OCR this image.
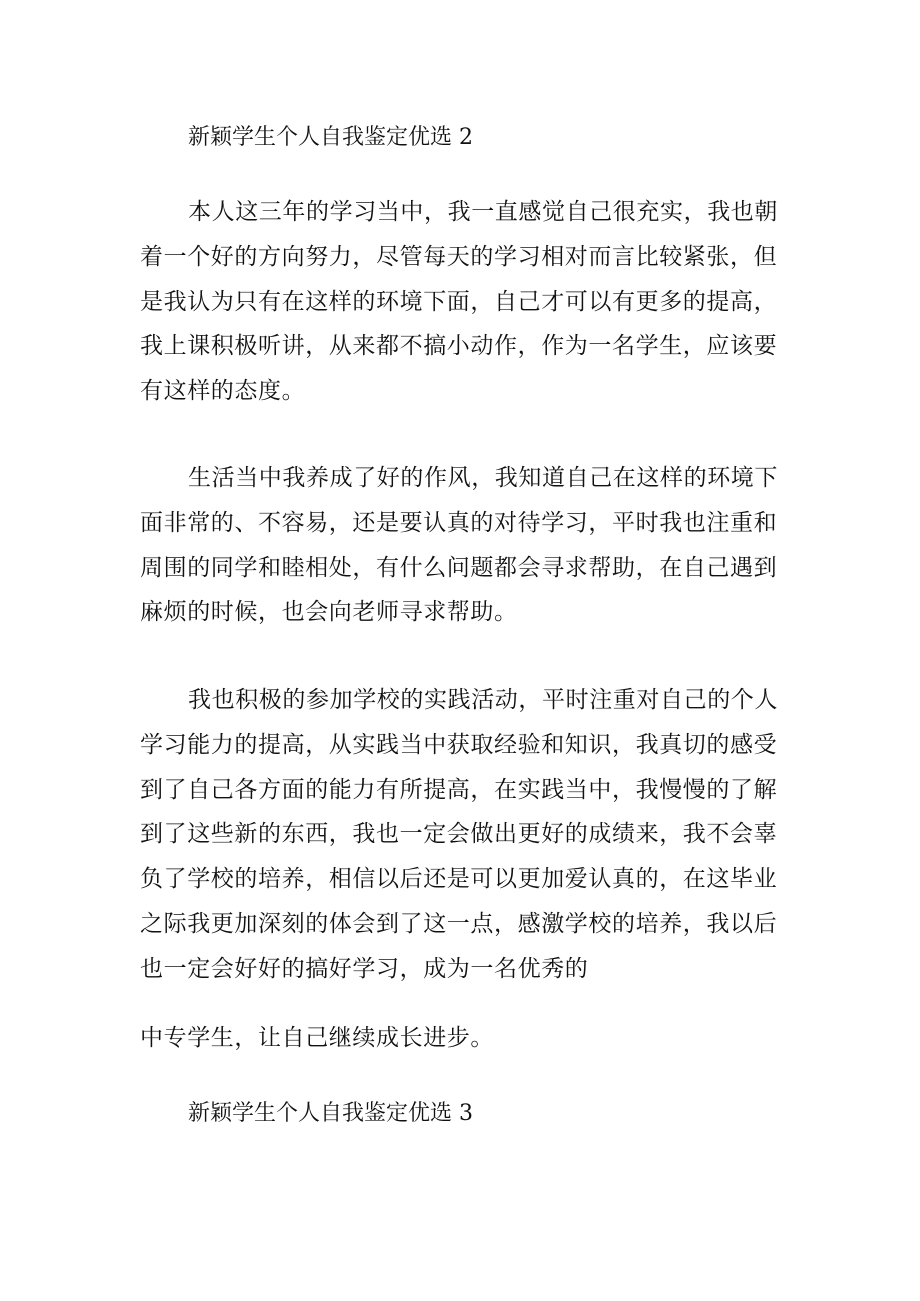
新颖学生个人自我鉴定优选 2

本人这三年的学习当中，我一直感觉自己很充实，我也朝着一个好的方向努力，尽管每天的学习相对而言比较紧张，但是我认为只有在这样的环境下面，自己才可以有更多的提高，我上课积极听讲，从来都不搞小动作，作为一名学生，应该要有这样的态度。

生活当中我养成了好的作风，我知道自己在这样的环境下面非常的、不容易，还是要认真的对待学习，平时我也注重和周围的同学和睦相处，有什么问题都会寻求帮助，在自己遇到麻烦的时候，也会向老师寻求帮助。

我也积极的参加学校的实践活动，平时注重对自己的个人学习能力的提高，从实践当中获取经验和知识，我真切的感受到了自己各方面的能力有所提高，在实践当中，我慢慢的了解到了这些新的东西，我也一定会做出更好的成绩来，我不会辜负了学校的培养，相信以后还是可以更加爱认真的，在这毕业之际我更加深刻的体会到了这一点，感激学校的培养，我以后也一定会好好的搞好学习，成为一名优秀的

中专学生，让自己继续成长进步。

新颖学生个人自我鉴定优选 3
